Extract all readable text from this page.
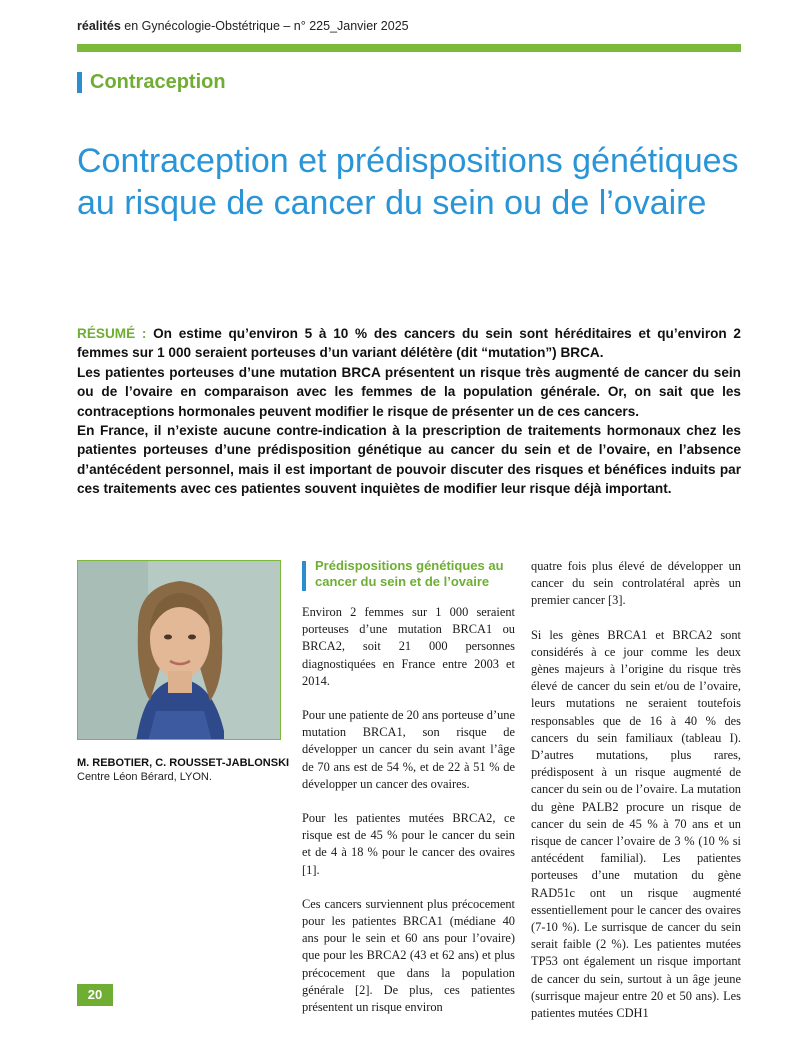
réalités en Gynécologie-Obstétrique – n° 225_Janvier 2025
Contraception
Contraception et prédispositions génétiques au risque de cancer du sein ou de l’ovaire

RÉSUMÉ : On estime qu’environ 5 à 10 % des cancers du sein sont héréditaires et qu’environ 2 femmes sur 1 000 seraient porteuses d’un variant délétère (dit “mutation”) BRCA.

Les patientes porteuses d’une mutation BRCA présentent un risque très augmenté de cancer du sein ou de l’ovaire en comparaison avec les femmes de la population générale. Or, on sait que les contraceptions hormonales peuvent modifier le risque de présenter un de ces cancers.

En France, il n’existe aucune contre-indication à la prescription de traitements hormonaux chez les patientes porteuses d’une prédisposition génétique au cancer du sein et de l’ovaire, en l’absence d’antécédent personnel, mais il est important de pouvoir discuter des risques et bénéfices induits par ces traitements avec ces patientes souvent inquiètes de modifier leur risque déjà important.

M. REBOTIER, C. ROUSSET-JABLONSKI
Centre Léon Bérard, LYON.
Prédispositions génétiques au cancer du sein et de l’ovaire

Environ 2 femmes sur 1 000 seraient porteuses d’une mutation BRCA1 ou BRCA2, soit 21 000 personnes diagnostiquées en France entre 2003 et 2014.

Pour une patiente de 20 ans porteuse d’une mutation BRCA1, son risque de développer un cancer du sein avant l’âge de 70 ans est de 54 %, et de 22 à 51 % de développer un cancer des ovaires.

Pour les patientes mutées BRCA2, ce risque est de 45 % pour le cancer du sein et de 4 à 18 % pour le cancer des ovaires [1].

Ces cancers surviennent plus précocement pour les patientes BRCA1 (médiane 40 ans pour le sein et 60 ans pour l’ovaire) que pour les BRCA2 (43 et 62 ans) et plus précocement que dans la population générale [2]. De plus, ces patientes présentent un risque environ

quatre fois plus élevé de développer un cancer du sein controlatéral après un premier cancer [3].

Si les gènes BRCA1 et BRCA2 sont considérés à ce jour comme les deux gènes majeurs à l’origine du risque très élevé de cancer du sein et/ou de l’ovaire, leurs mutations ne seraient toutefois responsables que de 16 à 40 % des cancers du sein familiaux (tableau I). D’autres mutations, plus rares, prédisposent à un risque augmenté de cancer du sein ou de l’ovaire. La mutation du gène PALB2 procure un risque de cancer du sein de 45 % à 70 ans et un risque de cancer l’ovaire de 3 % (10 % si antécédent familial). Les patientes porteuses d’une mutation du gène RAD51c ont un risque augmenté essentiellement pour le cancer des ovaires (7-10 %). Le surrisque de cancer du sein serait faible (2 %). Les patientes mutées TP53 ont également un risque important de cancer du sein, surtout à un âge jeune (surrisque majeur entre 20 et 50 ans). Les patientes mutées CDH1

20
